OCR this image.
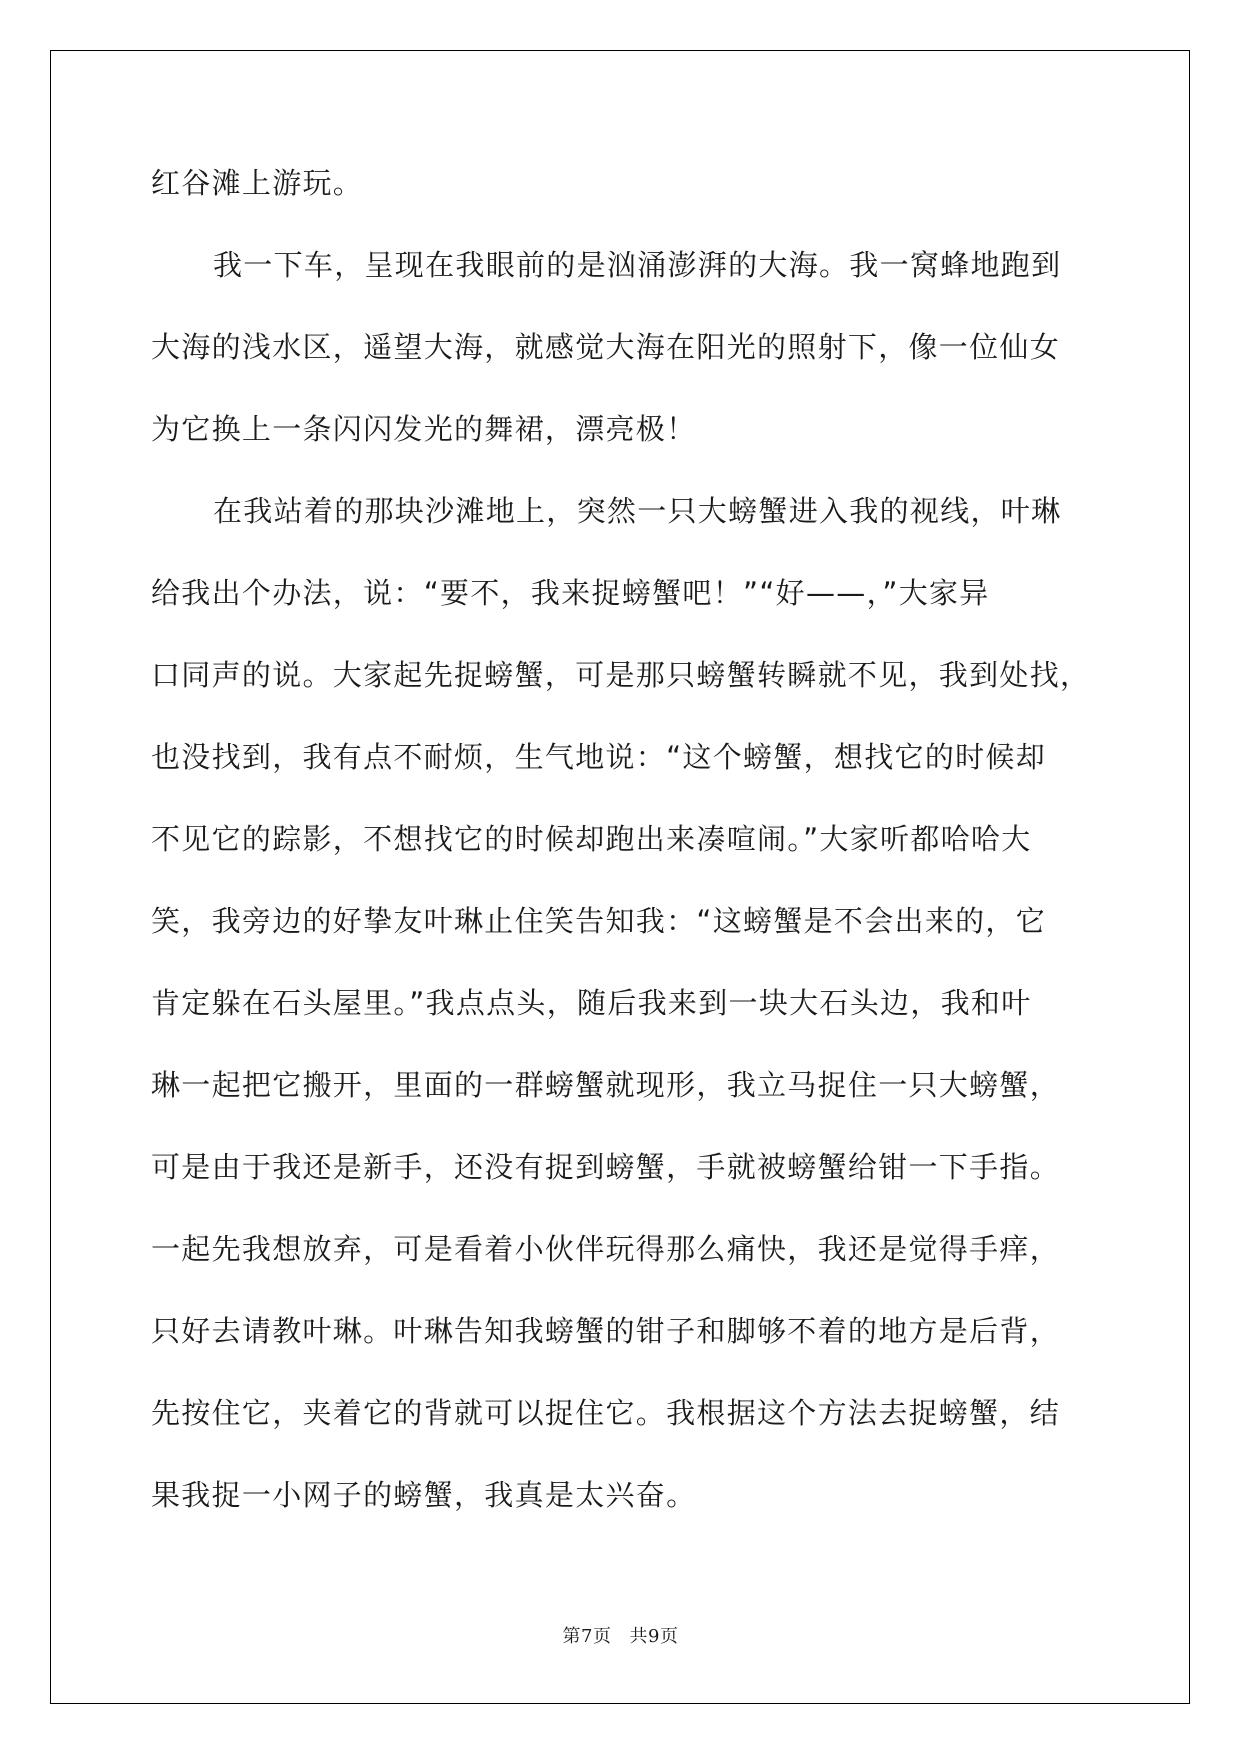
红谷滩上游玩。
我一下车，呈现在我眼前的是汹涌澎湃的大海。我一窝蜂地跑到
大海的浅水区，遥望大海，就感觉大海在阳光的照射下，像一位仙女
为它换上一条闪闪发光的舞裙，漂亮极！
在我站着的那块沙滩地上，突然一只大螃蟹进入我的视线，叶琳
给我出个办法，说：“要不，我来捉螃蟹吧！”“好——，”大家异
口同声的说。大家起先捉螃蟹，可是那只螃蟹转瞬就不见，我到处找，
也没找到，我有点不耐烦，生气地说：“这个螃蟹，想找它的时候却
不见它的踪影，不想找它的时候却跑出来凑喧闹。”大家听都哈哈大
笑，我旁边的好挚友叶琳止住笑告知我：“这螃蟹是不会出来的，它
肯定躲在石头屋里。”我点点头，随后我来到一块大石头边，我和叶
琳一起把它搬开，里面的一群螃蟹就现形，我立马捉住一只大螃蟹，
可是由于我还是新手，还没有捉到螃蟹，手就被螃蟹给钳一下手指。
一起先我想放弃，可是看着小伙伴玩得那么痛快，我还是觉得手痒，
只好去请教叶琳。叶琳告知我螃蟹的钳子和脚够不着的地方是后背，
先按住它，夹着它的背就可以捉住它。我根据这个方法去捉螃蟹，结
果我捉一小网子的螃蟹，我真是太兴奋。
第7页 共9页
